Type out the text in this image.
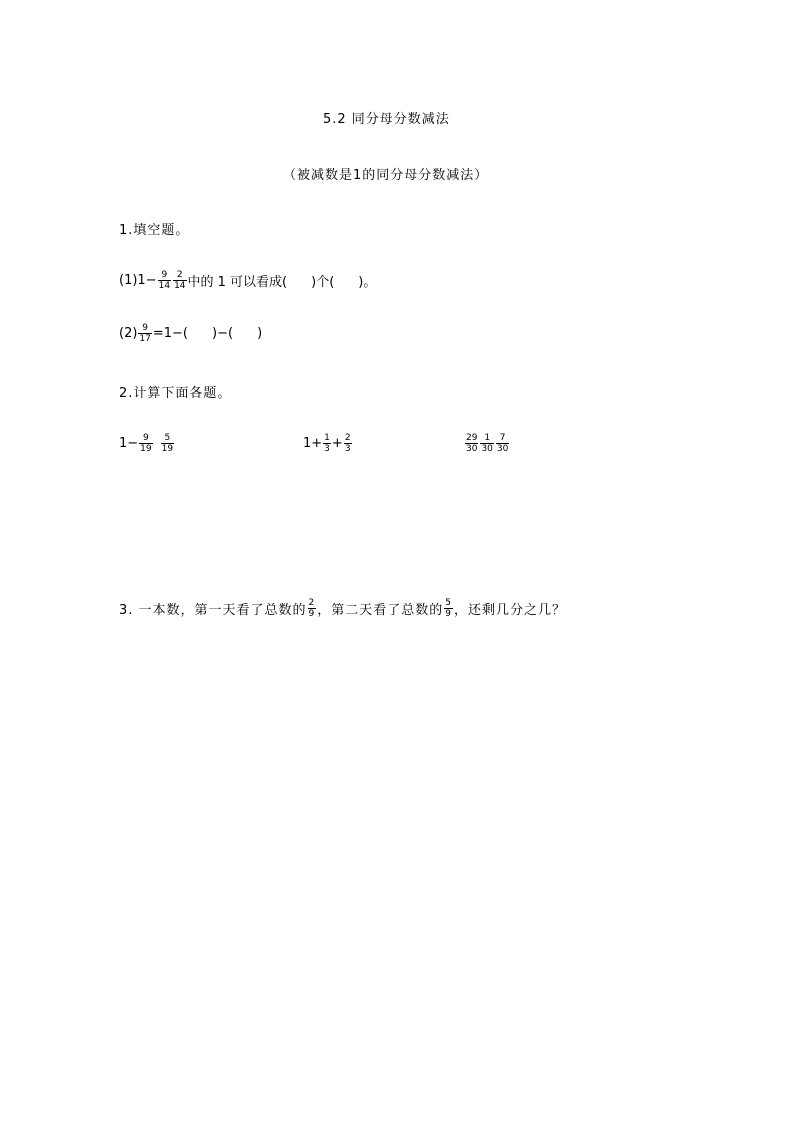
5.2 同分母分数减法
（被减数是1的同分母分数减法）
1.填空题。
(1) $1 - \frac{9}{14} \frac{2}{14}$ 中的 1 可以看成( )个( )。
$(2) \frac{9}{17} =1-$( )−( )
2.计算下面各题。
$1- \frac{9}{19} \frac{5}{19}$	$1+ \frac{1}{3} + \frac{2}{3}$	$\frac{29}{30} \frac{1}{30} \frac{7}{30}$
3. 一本数，第一天看了总数的 $\frac{2}{9}$ ，第二天看了总数的 $\frac{5}{9}$ ，还剩几分之几？
